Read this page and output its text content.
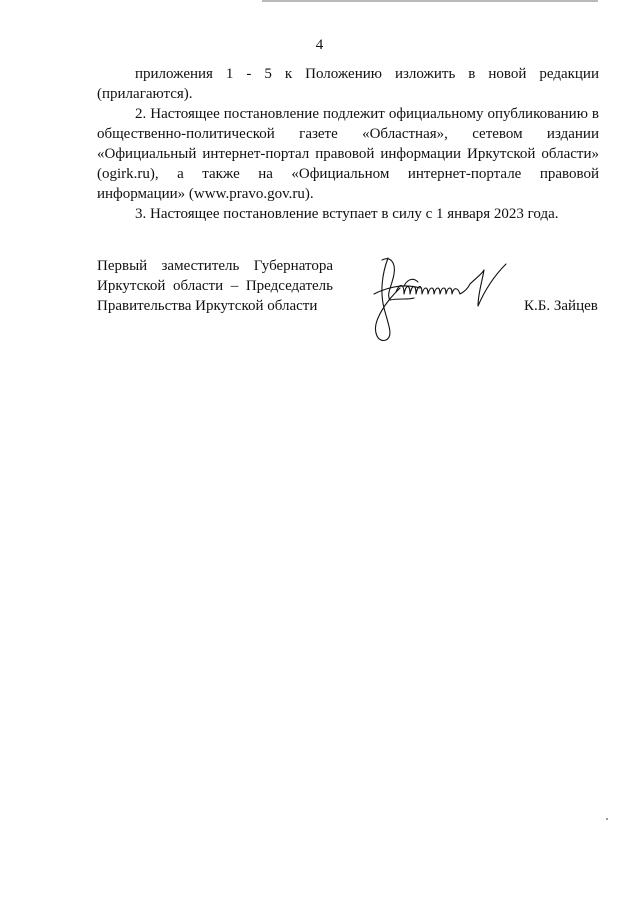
4

приложения 1 - 5 к Положению изложить в новой редакции (прилагаются).

2. Настоящее постановление подлежит официальному опубликованию в общественно-политической газете «Областная», сетевом издании «Официальный интернет-портал правовой информации Иркутской области» (ogirk.ru), а также на «Официальном интернет-портале правовой информации» (www.pravo.gov.ru).

3. Настоящее постановление вступает в силу с 1 января 2023 года.

Первый заместитель Губернатора
Иркутской области – Председатель
Правительства Иркутской области	К.Б. Зайцев
